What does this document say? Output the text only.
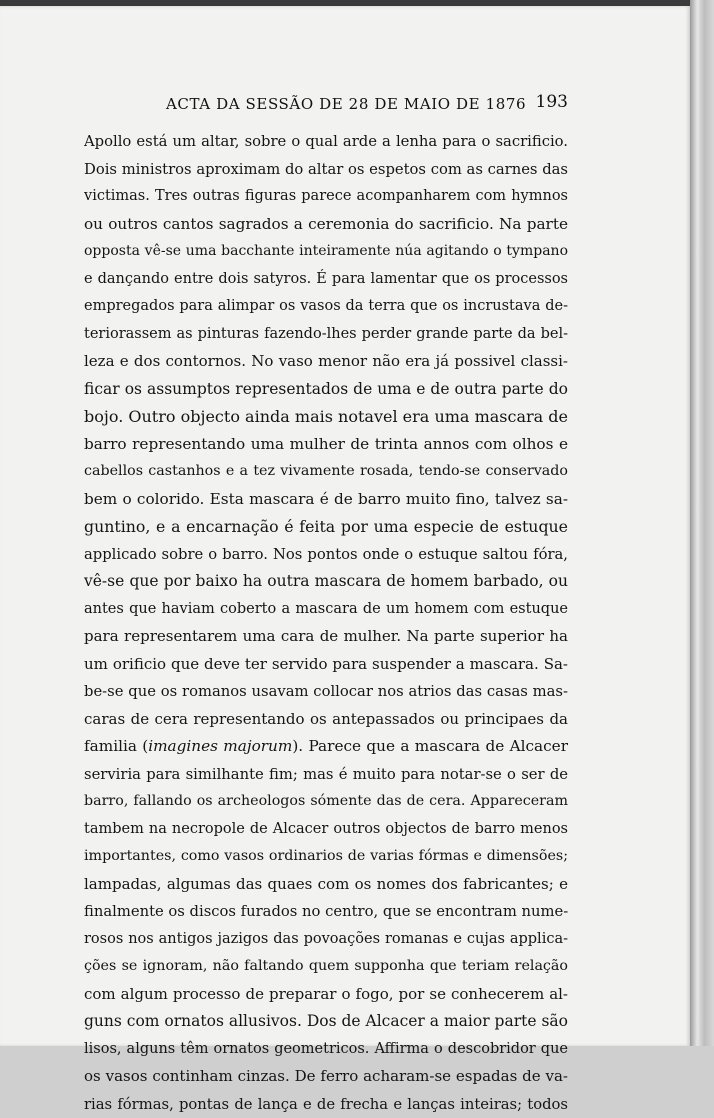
ACTA DA SESSÃO DE 28 DE MAIO DE 1876 193
Apollo está um altar, sobre o qual arde a lenha para o sacrificio.
Dois ministros aproximam do altar os espetos com as carnes das
victimas. Tres outras figuras parece acompanharem com hymnos
ou outros cantos sagrados a ceremonia do sacrificio. Na parte
opposta vê-se uma bacchante inteiramente núa agitando o tympano
e dançando entre dois satyros. É para lamentar que os processos
empregados para alimpar os vasos da terra que os incrustava de-
teriorassem as pinturas fazendo-lhes perder grande parte da bel-
leza e dos contornos. No vaso menor não era já possivel classi-
ficar os assumptos representados de uma e de outra parte do
bojo. Outro objecto ainda mais notavel era uma mascara de
barro representando uma mulher de trinta annos com olhos e
cabellos castanhos e a tez vivamente rosada, tendo-se conservado
bem o colorido. Esta mascara é de barro muito fino, talvez sa-
guntino, e a encarnação é feita por uma especie de estuque
applicado sobre o barro. Nos pontos onde o estuque saltou fóra,
vê-se que por baixo ha outra mascara de homem barbado, ou
antes que haviam coberto a mascara de um homem com estuque
para representarem uma cara de mulher. Na parte superior ha
um orificio que deve ter servido para suspender a mascara. Sa-
be-se que os romanos usavam collocar nos atrios das casas mas-
caras de cera representando os antepassados ou principaes da
familia (imagines majorum). Parece que a mascara de Alcacer
serviria para similhante fim; mas é muito para notar-se o ser de
barro, fallando os archeologos sómente das de cera. Appareceram
tambem na necropole de Alcacer outros objectos de barro menos
importantes, como vasos ordinarios de varias fórmas e dimensões;
lampadas, algumas das quaes com os nomes dos fabricantes; e
finalmente os discos furados no centro, que se encontram nume-
rosos nos antigos jazigos das povoações romanas e cujas applica-
ções se ignoram, não faltando quem supponha que teriam relação
com algum processo de preparar o fogo, por se conhecerem al-
guns com ornatos allusivos. Dos de Alcacer a maior parte são
lisos, alguns têm ornatos geometricos. Affirma o descobridor que
os vasos continham cinzas. De ferro acharam-se espadas de va-
rias fórmas, pontas de lança e de frecha e lanças inteiras; todos
